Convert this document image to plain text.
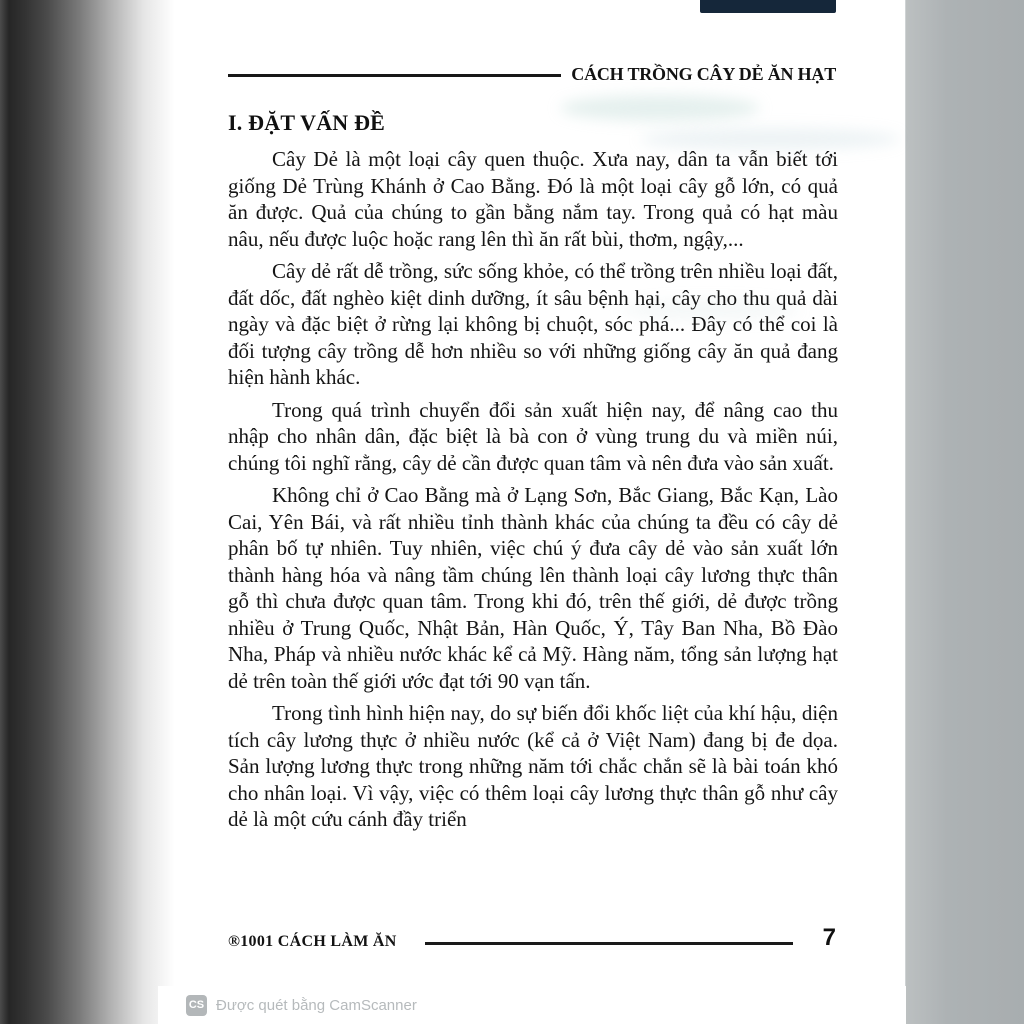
CÁCH TRỒNG CÂY DẺ ĂN HẠT
I. ĐẶT VẤN ĐỀ

Cây Dẻ là một loại cây quen thuộc. Xưa nay, dân ta vẫn biết tới giống Dẻ Trùng Khánh ở Cao Bằng. Đó là một loại cây gỗ lớn, có quả ăn được. Quả của chúng to gần bằng nắm tay. Trong quả có hạt màu nâu, nếu được luộc hoặc rang lên thì ăn rất bùi, thơm, ngậy,...

Cây dẻ rất dễ trồng, sức sống khỏe, có thể trồng trên nhiều loại đất, đất dốc, đất nghèo kiệt dinh dưỡng, ít sâu bệnh hại, cây cho thu quả dài ngày và đặc biệt ở rừng lại không bị chuột, sóc phá... Đây có thể coi là đối tượng cây trồng dễ hơn nhiều so với những giống cây ăn quả đang hiện hành khác.

Trong quá trình chuyển đổi sản xuất hiện nay, để nâng cao thu nhập cho nhân dân, đặc biệt là bà con ở vùng trung du và miền núi, chúng tôi nghĩ rằng, cây dẻ cần được quan tâm và nên đưa vào sản xuất.

Không chỉ ở Cao Bằng mà ở Lạng Sơn, Bắc Giang, Bắc Kạn, Lào Cai, Yên Bái, và rất nhiều tỉnh thành khác của chúng ta đều có cây dẻ phân bố tự nhiên. Tuy nhiên, việc chú ý đưa cây dẻ vào sản xuất lớn thành hàng hóa và nâng tầm chúng lên thành loại cây lương thực thân gỗ thì chưa được quan tâm. Trong khi đó, trên thế giới, dẻ được trồng nhiều ở Trung Quốc, Nhật Bản, Hàn Quốc, Ý, Tây Ban Nha, Bồ Đào Nha, Pháp và nhiều nước khác kể cả Mỹ. Hàng năm, tổng sản lượng hạt dẻ trên toàn thế giới ước đạt tới 90 vạn tấn.

Trong tình hình hiện nay, do sự biến đổi khốc liệt của khí hậu, diện tích cây lương thực ở nhiều nước (kể cả ở Việt Nam) đang bị đe dọa. Sản lượng lương thực trong những năm tới chắc chắn sẽ là bài toán khó cho nhân loại. Vì vậy, việc có thêm loại cây lương thực thân gỗ như cây dẻ là một cứu cánh đầy triển

®1001 CÁCH LÀM ĂN	7
CS Được quét bằng CamScanner
